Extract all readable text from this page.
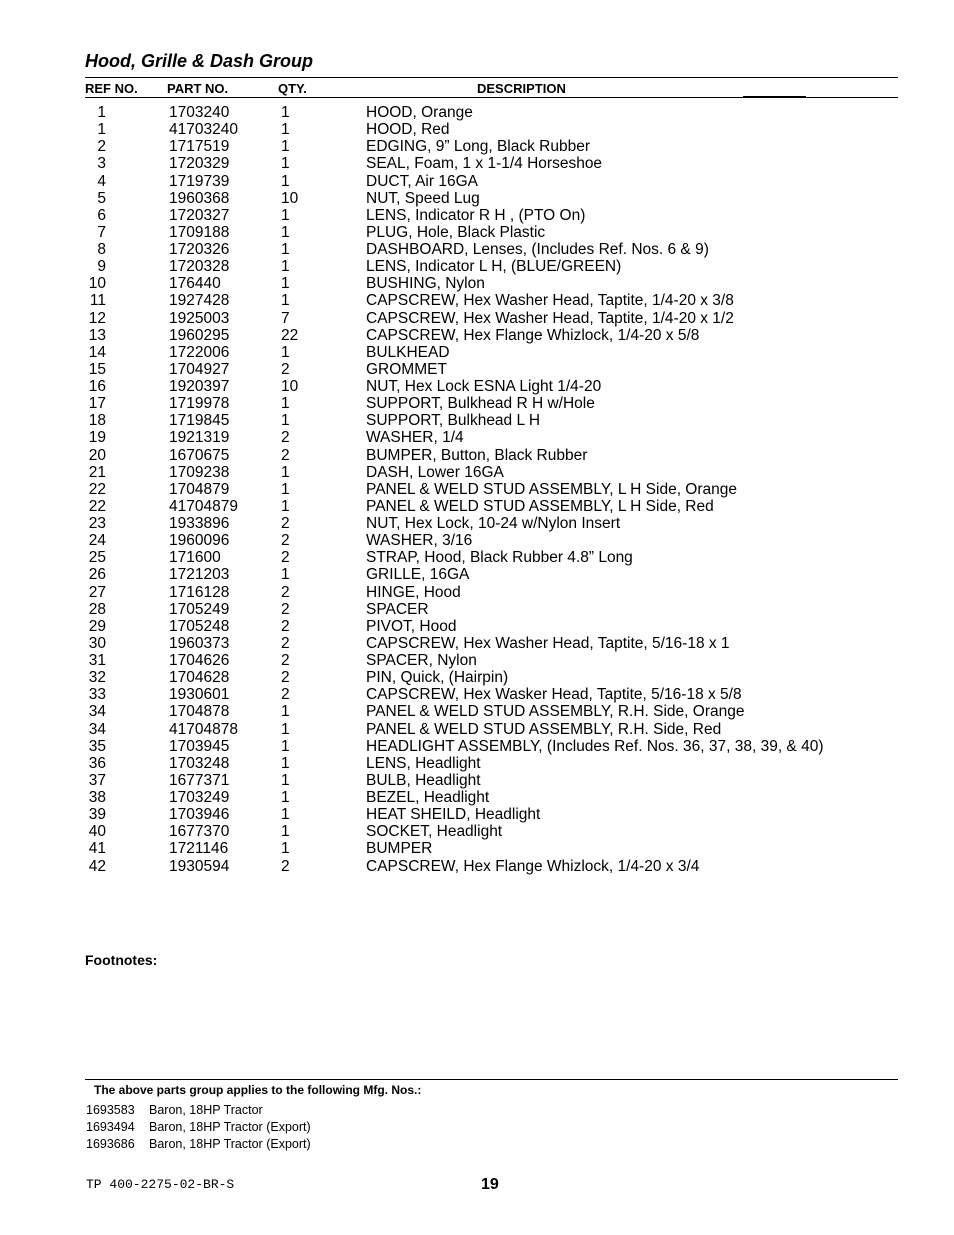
Hood, Grille & Dash Group
REF NO. PART NO.	QTY.	DESCRIPTION
1	1703240	1	HOOD, Orange
1	41703240	1	HOOD, Red
2	1717519	1	EDGING, 9” Long, Black Rubber
3	1720329	1	SEAL, Foam, 1 x 1-1/4 Horseshoe
4	1719739	1	DUCT, Air 16GA
5	1960368	10	NUT, Speed Lug
6	1720327	1	LENS, Indicator R H , (PTO On)
7	1709188	1	PLUG, Hole, Black Plastic
8	1720326	1	DASHBOARD, Lenses, (Includes Ref. Nos. 6 & 9)
9	1720328	1	LENS, Indicator L H, (BLUE/GREEN)
10	176440	1	BUSHING, Nylon
11	1927428	1	CAPSCREW, Hex Washer Head, Taptite, 1/4-20 x 3/8
12	1925003	7	CAPSCREW, Hex Washer Head, Taptite, 1/4-20 x 1/2
13	1960295	22	CAPSCREW, Hex Flange Whizlock, 1/4-20 x 5/8
14	1722006	1	BULKHEAD
15	1704927	2	GROMMET
16	1920397	10	NUT, Hex Lock ESNA Light 1/4-20
17	1719978	1	SUPPORT, Bulkhead R H w/Hole
18	1719845	1	SUPPORT, Bulkhead L H
19	1921319	2	WASHER, 1/4
20	1670675	2	BUMPER, Button, Black Rubber
21	1709238	1	DASH, Lower 16GA
22	1704879	1	PANEL & WELD STUD ASSEMBLY, L H Side, Orange
22	41704879	1	PANEL & WELD STUD ASSEMBLY, L H Side, Red
23	1933896	2	NUT, Hex Lock, 10-24 w/Nylon Insert
24	1960096	2	WASHER, 3/16
25	171600	2	STRAP, Hood, Black Rubber 4.8” Long
26	1721203	1	GRILLE, 16GA
27	1716128	2	HINGE, Hood
28	1705249	2	SPACER
29	1705248	2	PIVOT, Hood
30	1960373	2	CAPSCREW, Hex Washer Head, Taptite, 5/16-18 x 1
31	1704626	2	SPACER, Nylon
32	1704628	2	PIN, Quick, (Hairpin)
33	1930601	2	CAPSCREW, Hex Wasker Head, Taptite, 5/16-18 x 5/8
34	1704878	1	PANEL & WELD STUD ASSEMBLY, R.H. Side, Orange
34	41704878	1	PANEL & WELD STUD ASSEMBLY, R.H. Side, Red
35	1703945	1	HEADLIGHT ASSEMBLY, (Includes Ref. Nos. 36, 37, 38, 39, & 40)
36	1703248	1	LENS, Headlight
37	1677371	1	BULB, Headlight
38	1703249	1	BEZEL, Headlight
39	1703946	1	HEAT SHEILD, Headlight
40	1677370	1	SOCKET, Headlight
41	1721146	1	BUMPER
42	1930594	2	CAPSCREW, Hex Flange Whizlock, 1/4-20 x 3/4
Footnotes:
The above parts group applies to the following Mfg. Nos.:
1693583 Baron, 18HP Tractor
1693494 Baron, 18HP Tractor (Export)
1693686 Baron, 18HP Tractor (Export)
TP 400-2275-02-BR-S	19
